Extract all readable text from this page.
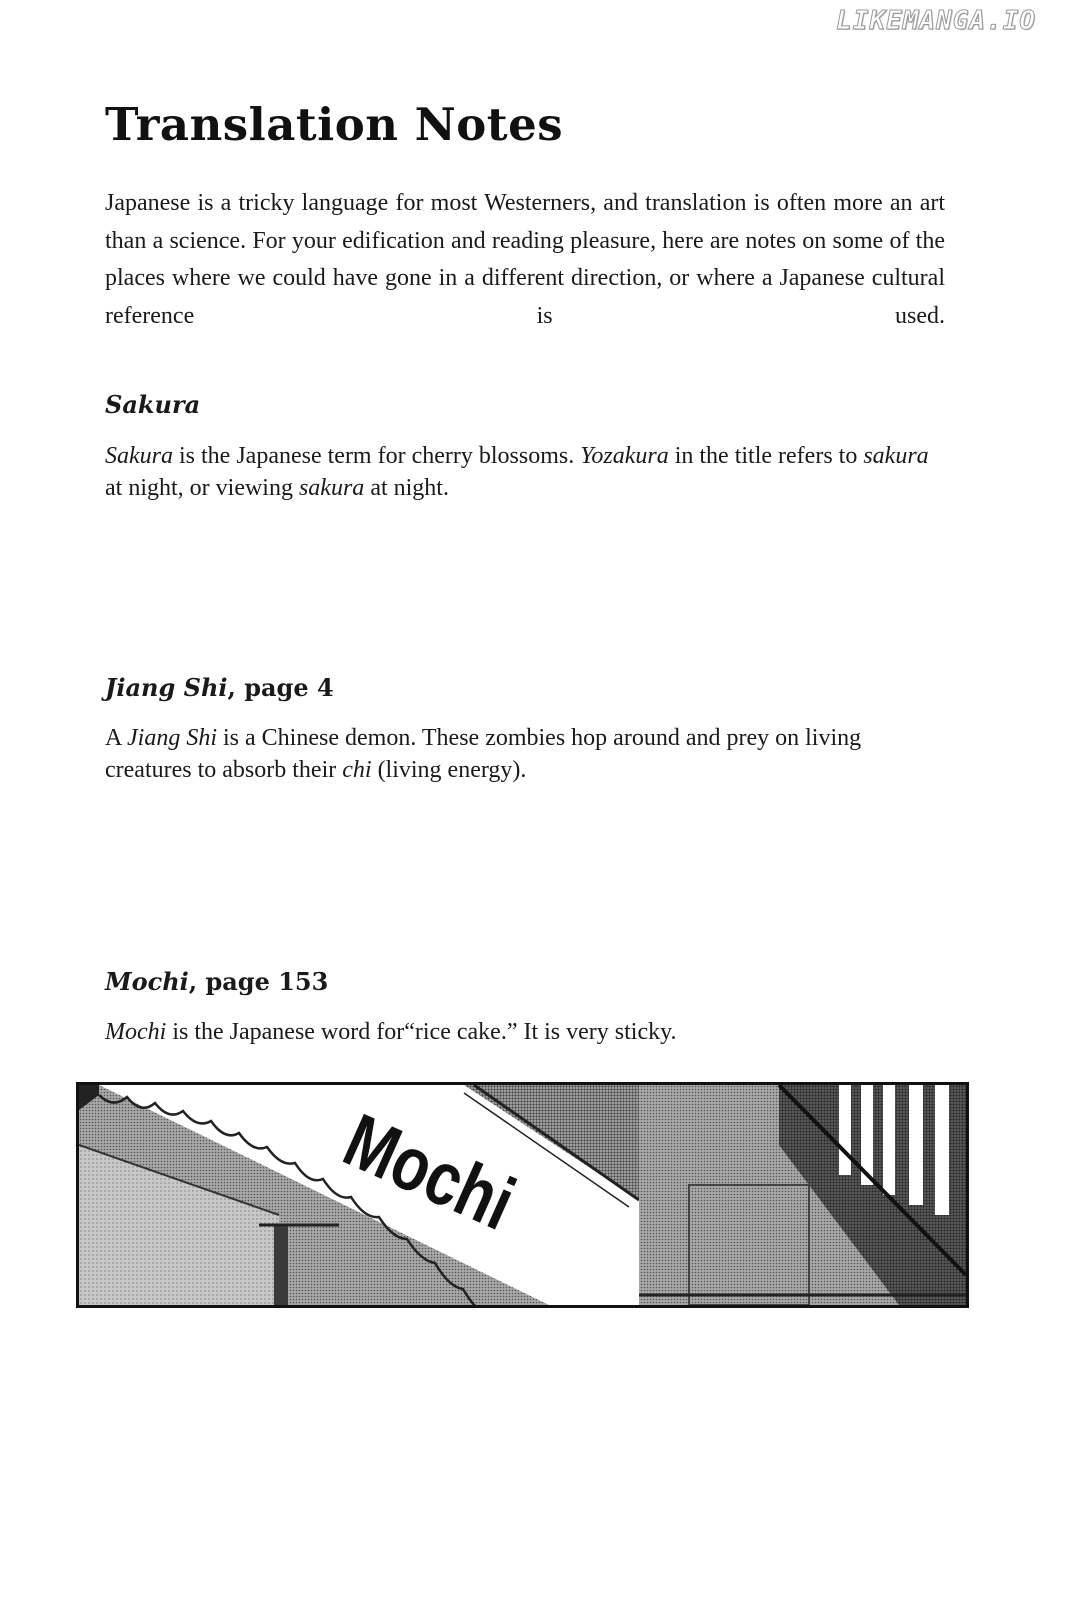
LIKEMANGA.IO
Translation Notes

Japanese is a tricky language for most Westerners, and translation is often more an art than a science. For your edification and reading pleasure, here are notes on some of the places where we could have gone in a different direction, or where a Japanese cultural reference is used.

Sakura

Sakura is the Japanese term for cherry blossoms. Yozakura in the title refers to sakura at night, or viewing sakura at night.

Jiang Shi, page 4

A Jiang Shi is a Chinese demon. These zombies hop around and prey on living creatures to absorb their chi (living energy).

Mochi, page 153

Mochi is the Japanese word for“rice cake.” It is very sticky.

Mochi
